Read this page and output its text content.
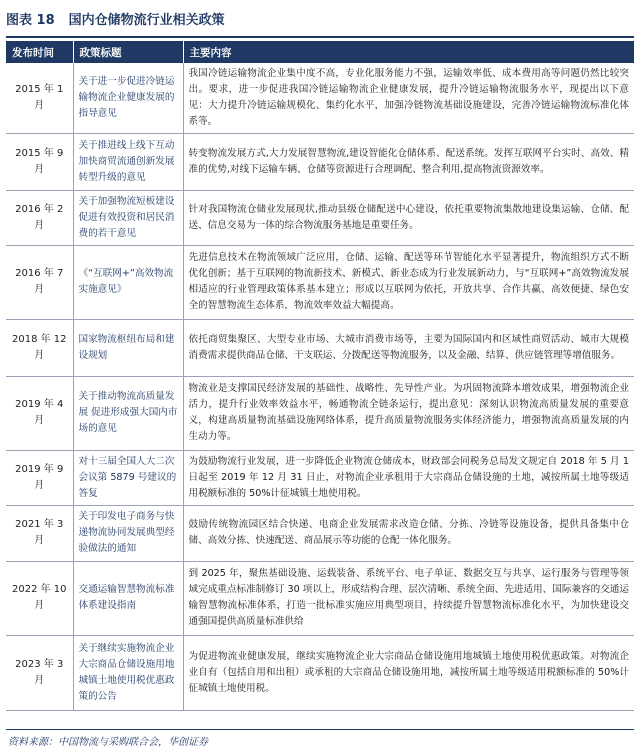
图表 18 国内仓储物流行业相关政策
发布时间	政策标题	主要内容
2015 年 1 月	关于进一步促进冷链运输物流企业健康发展的指导意见	我国冷链运输物流企业集中度不高，专业化服务能力不强，运输效率低、成本费用高等问题仍然比较突出。要求，进一步促进我国冷链运输物流企业健康发展，提升冷链运输物流服务水平，现提出以下意见：大力提升冷链运输规模化、集约化水平，加强冷链物流基础设施建设，完善冷链运输物流标准化体系等。
2015 年 9 月	关于推进线上线下互动加快商贸流通创新发展转型升级的意见	转变物流发展方式,大力发展智慧物流,建设智能化仓储体系、配送系统。发挥互联网平台实时、高效、精准的优势,对线下运输车辆、仓储等资源进行合理调配、整合利用,提高物流资源效率。
2016 年 2 月	关于加强物流短板建设促进有效投资和居民消费的若干意见	针对我国物流仓储业发展现状,推动县级仓储配送中心建设，依托重要物流集散地建设集运输、仓储、配送、信息交易为一体的综合物流服务基地是重要任务。
2016 年 7 月	《“互联网+”高效物流实施意见》	先进信息技术在物流领域广泛应用，仓储、运输、配送等环节智能化水平显著提升，物流组织方式不断优化创新；基于互联网的物流新技术、新模式、新业态成为行业发展新动力，与“互联网+”高效物流发展相适应的行业管理政策体系基本建立；形成以互联网为依托，开放共享、合作共赢、高效便捷、绿色安全的智慧物流生态体系，物流效率效益大幅提高。
2018 年 12 月	国家物流枢纽布局和建设规划	依托商贸集聚区、大型专业市场、大城市消费市场等，主要为国际国内和区域性商贸活动、城市大规模消费需求提供商品仓储、干支联运、分拨配送等物流服务，以及金融、结算、供应链管理等增值服务。
2019 年 4 月	关于推动物流高质量发展 促进形成强大国内市场的意见	物流业是支撑国民经济发展的基础性、战略性、先导性产业。为巩固物流降本增效成果，增强物流企业活力，提升行业效率效益水平，畅通物流全链条运行，提出意见：深刻认识物流高质量发展的重要意义，构建高质量物流基础设施网络体系，提升高质量物流服务实体经济能力，增强物流高质量发展的内生动力等。
2019 年 9 月	对十三届全国人大二次会议第 5879 号建议的答复	为鼓励物流行业发展，进一步降低企业物流仓储成本，财政部会同税务总局发文规定自 2018 年 5 月 1 日起至 2019 年 12 月 31 日止，对物流企业承租用于大宗商品仓储设施的土地，减按所属土地等级适用税额标准的 50%计征城镇土地使用税。
2021 年 3 月	关于印发电子商务与快递物流协同发展典型经验做法的通知	鼓励传统物流园区结合快递、电商企业发展需求改造仓储、分拣、冷链等设施设备，提供具备集中仓储、高效分拣、快速配送、商品展示等功能的仓配一体化服务。
2022 年 10 月	交通运输智慧物流标准体系建设指南	到 2025 年，聚焦基础设施、运载装备、系统平台、电子单证、数据交互与共享、运行服务与管理等领域完成重点标准制修订 30 项以上，形成结构合理、层次清晰、系统全面、先进适用、国际兼容的交通运输智慧物流标准体系，打造一批标准实施应用典型项目，持续提升智慧物流标准化水平，为加快建设交通强国提供高质量标准供给
2023 年 3 月	关于继续实施物流企业大宗商品仓储设施用地城镇土地使用税优惠政策的公告	为促进物流业健康发展，继续实施物流企业大宗商品仓储设施用地城镇土地使用税优惠政策。对物流企业自有（包括自用和出租）或承租的大宗商品仓储设施用地，减按所属土地等级适用税额标准的 50%计征城镇土地使用税。
资料来源：中国物流与采购联合会，华创证券
